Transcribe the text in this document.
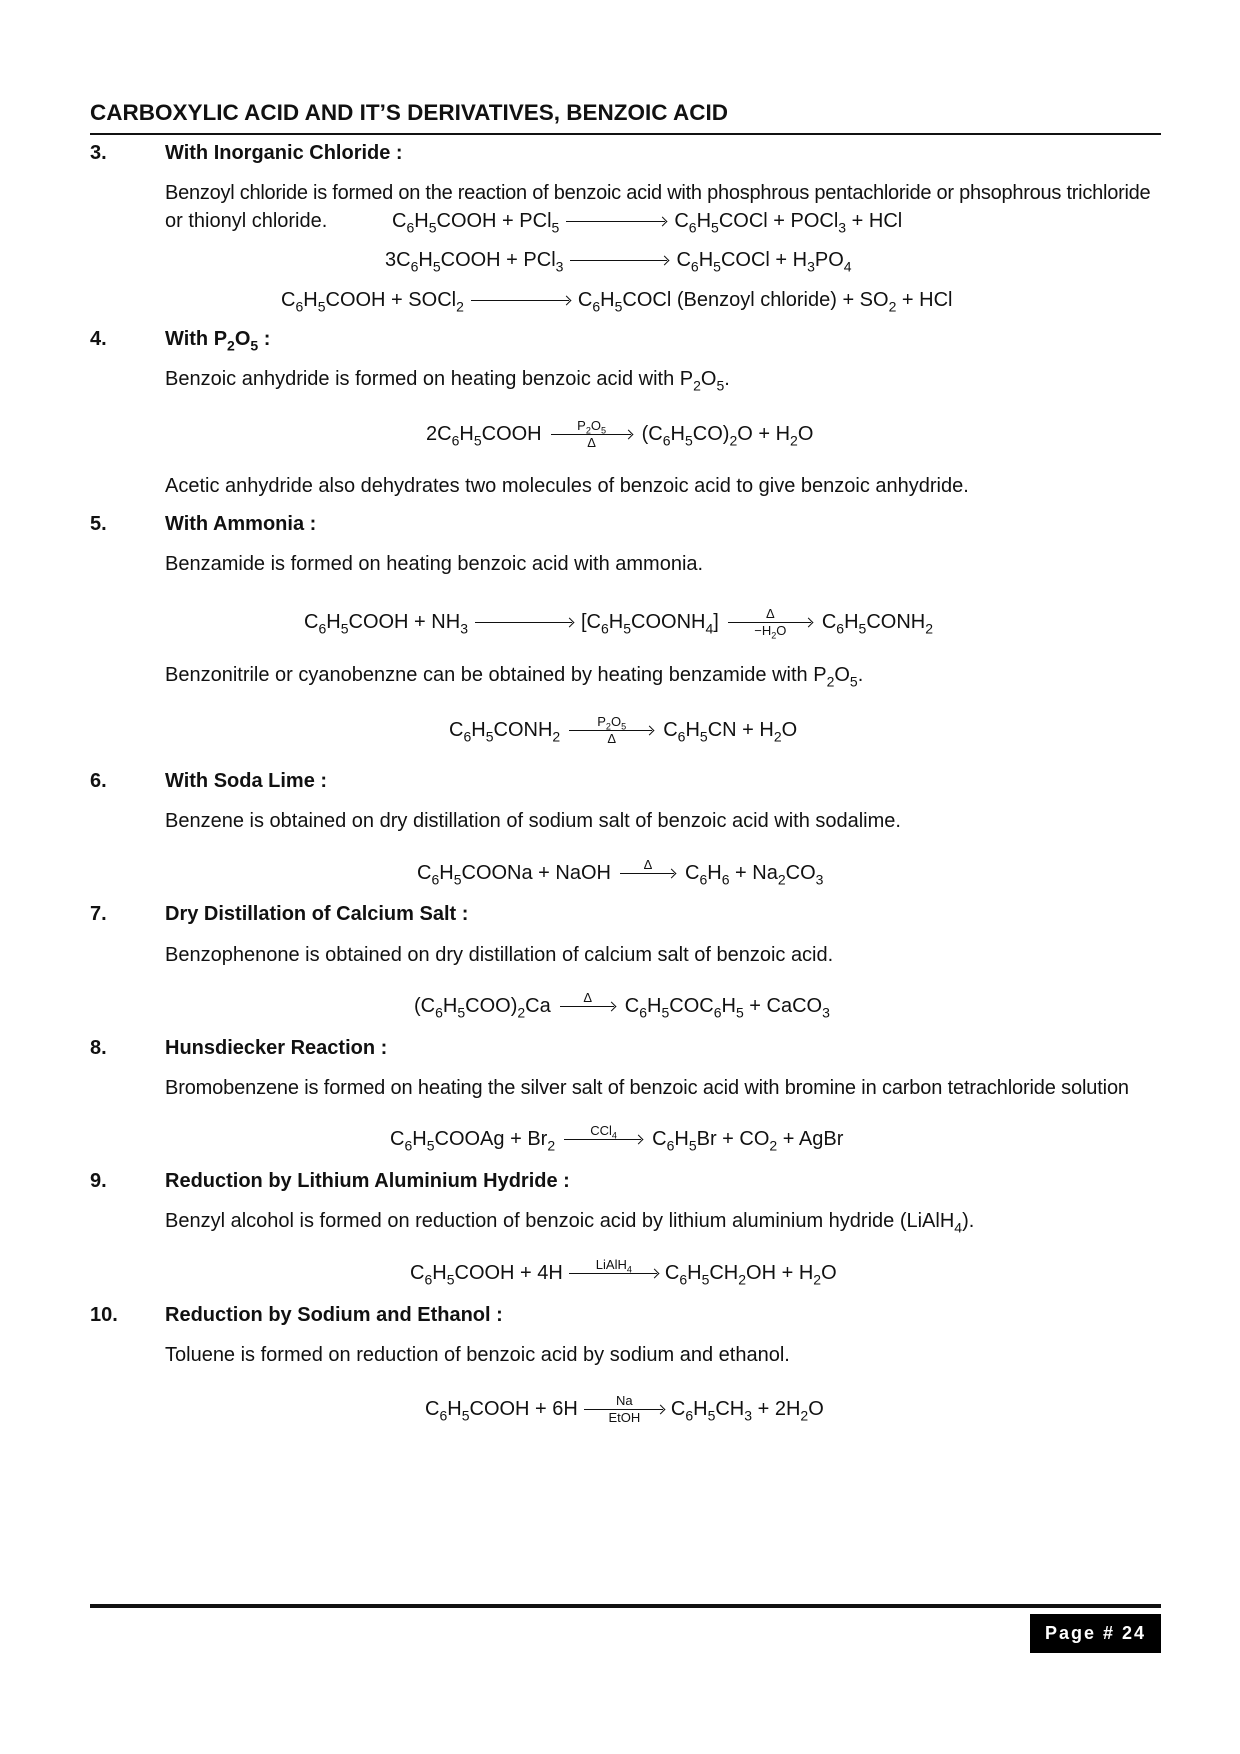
CARBOXYLIC ACID AND IT’S DERIVATIVES, BENZOIC ACID
3.	With Inorganic Chloride :
Benzoyl chloride is formed on the reaction of benzoic acid with phosphrous pentachloride or phsophrous trichloride
or thionyl chloride.	$C_6H_5COOH + PCl_5$	$C_6H_5COCl$ + POCl$_3$ + HCl
$3C_6H_5COOH + PCl_3$	$C_6H_5COCl + H_3PO_4$
$C_6H_5COOH$ + SOCl$_2$	$C_6H_5COCl$ (Benzoyl chloride) + $SO_2$ + HCl
4.	With $P_2O_5$ :
Benzoic anhydride is formed on heating benzoic acid with $P_2O_5$.
$2C_6H_5COOH$	$P_2O_5$
Δ	$(C_6H_5CO)_2O + H_2O$
Acetic anhydride also dehydrates two molecules of benzoic acid to give benzoic anhydride.
5.	With Ammonia :
Benzamide is formed on heating benzoic acid with ammonia.
$C_6H_5COOH + NH_3$	$[C_6H_5COONH_4]$	Δ
$-H_2O$	$C_6H_5CONH_2$
Benzonitrile or cyanobenzne can be obtained by heating benzamide with $P_2O_5$.
$C_6H_5CONH_2$
$P_2O_5$
Δ	$C_6H_5CN + H_2O$
6.	With Soda Lime :
Benzene is obtained on dry distillation of sodium salt of benzoic acid with sodalime.
$C_6H_5COONa$ + NaOH	Δ	$C_6H_6 + Na_2CO_3$
7.	Dry Distillation of Calcium Salt :
Benzophenone is obtained on dry distillation of calcium salt of benzoic acid.
$(C_6H_5COO)_2Ca$	Δ	$C_6H_5COC_6H_5$ + CaCO$_3$
8.	Hunsdiecker Reaction :
Bromobenzene is formed on heating the silver salt of benzoic acid with bromine in carbon tetrachloride solution
$C_6H_5COOAg + Br_2$
CCl$_4$	$C_6H_5Br + CO_2$ + AgBr
9.	Reduction by Lithium Aluminium Hydride :
Benzyl alcohol is formed on reduction of benzoic acid by lithium aluminium hydride (LiAlH$_4$).
$C_6H_5COOH + 4H$	LiAlH$_4$	$C_6H_5CH_2OH + H_2O$
10. Reduction by Sodium and Ethanol :
Toluene is formed on reduction of benzoic acid by sodium and ethanol.
$C_6H_5COOH + 6H$	Na
EtOH	$C_6H_5CH_3 + 2H_2O$
Page # 24
